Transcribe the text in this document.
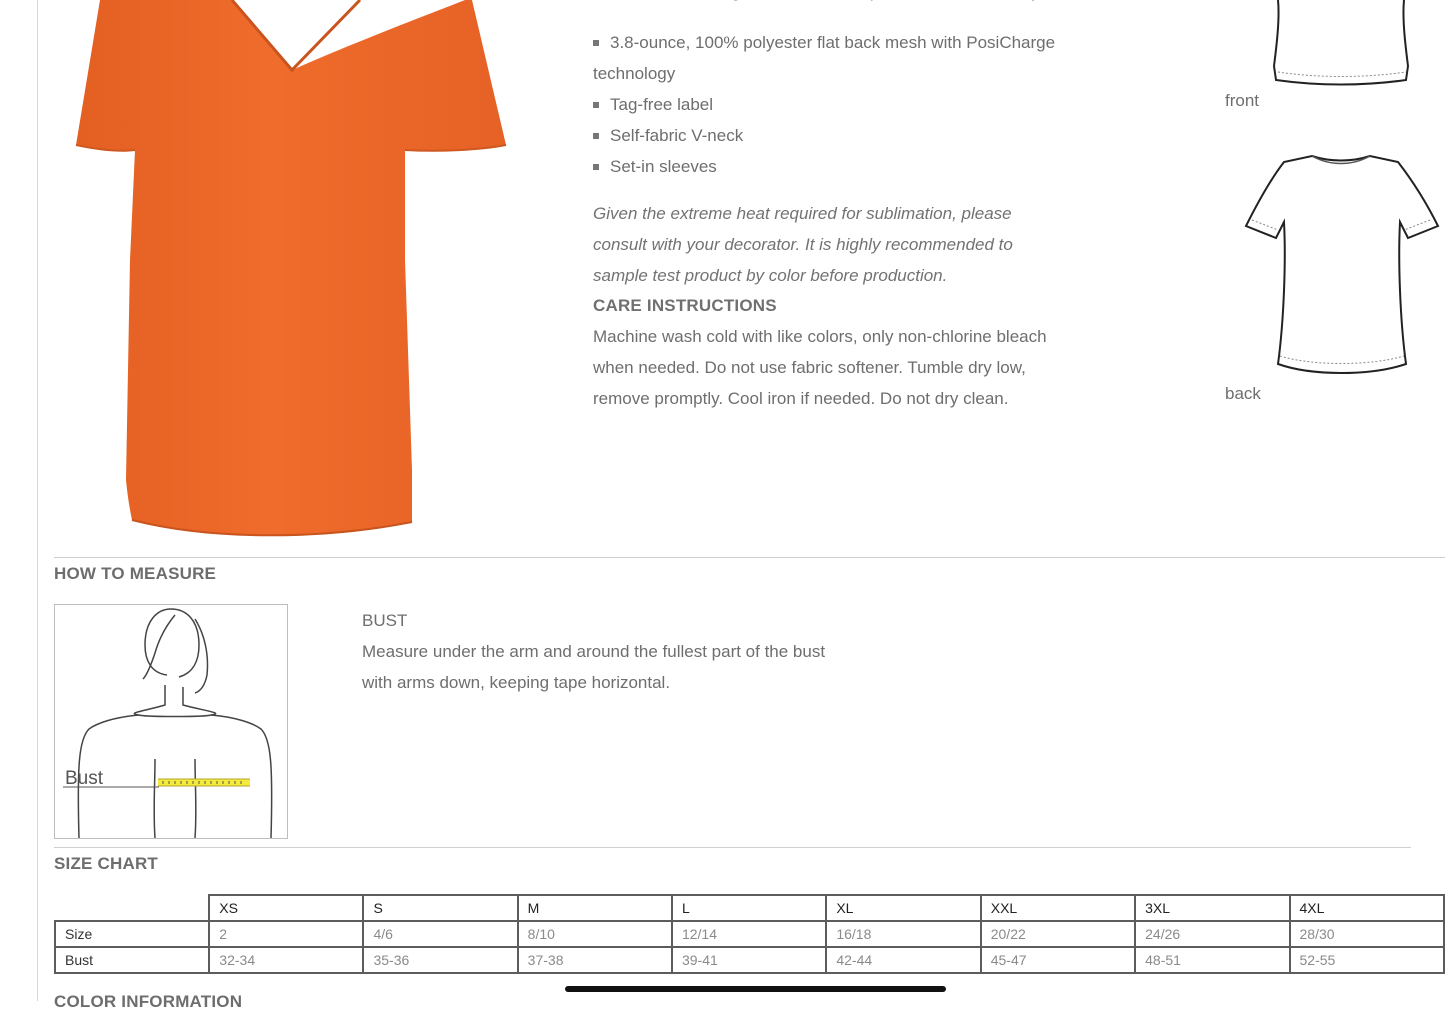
3.8-ounce, 100% polyester flat back mesh with PosiCharge
technology
Tag-free label
Self-fabric V-neck
Set-in sleeves
Given the extreme heat required for sublimation, please consult with your decorator. It is highly recommended to sample test product by color before production.
CARE INSTRUCTIONS
Machine wash cold with like colors, only non-chlorine bleach when needed. Do not use fabric softener. Tumble dry low, remove promptly. Cool iron if needed. Do not dry clean.
front
back
HOW TO MEASURE
Bust
BUST
Measure under the arm and around the fullest part of the bust
with arms down, keeping tape horizontal.
SIZE CHART
	XS	S	M	L	XL	XXL	3XL	4XL
Size	2	4/6	8/10	12/14	16/18	20/22	24/26	28/30
Bust	32-34	35-36	37-38	39-41	42-44	45-47	48-51	52-55
COLOR INFORMATION
